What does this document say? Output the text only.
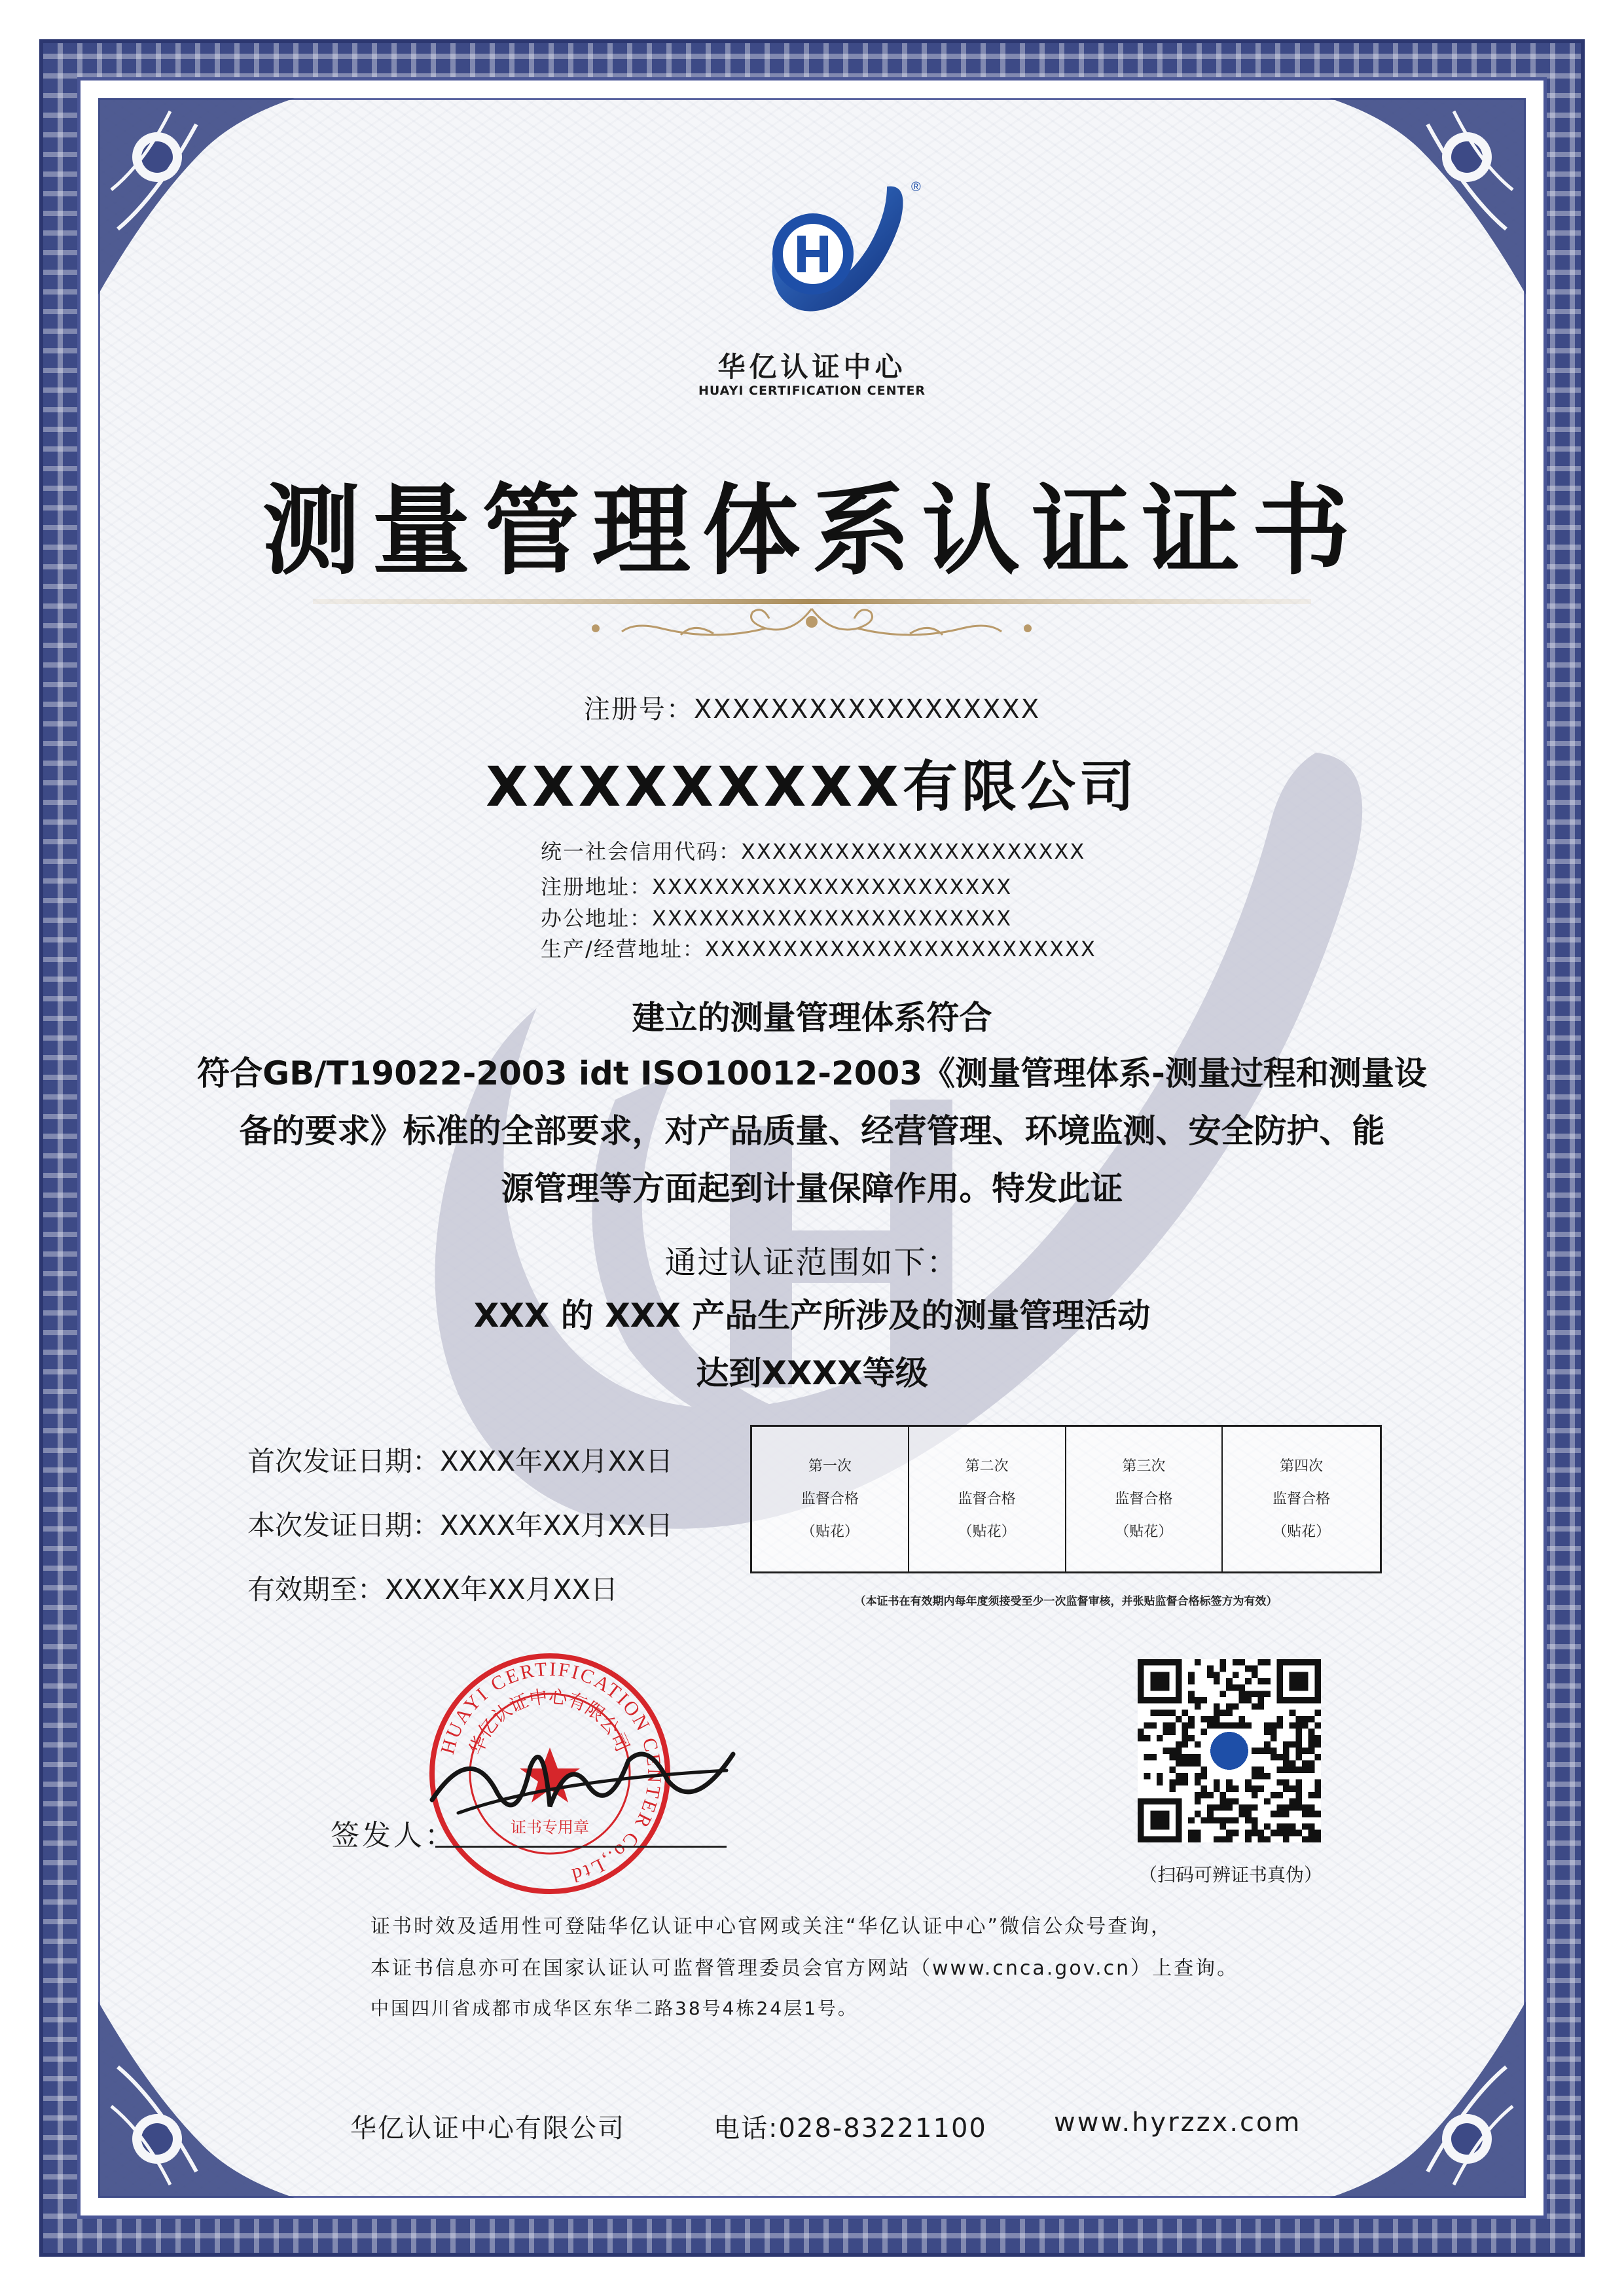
®
华亿认证中心
HUAYI CERTIFICATION CENTER
测量管理体系认证证书
注册号：XXXXXXXXXXXXXXXXXX
XXXXXXXXX有限公司
统一社会信用代码：XXXXXXXXXXXXXXXXXXXXXX
注册地址：XXXXXXXXXXXXXXXXXXXXXXX
办公地址：XXXXXXXXXXXXXXXXXXXXXXX
生产/经营地址：XXXXXXXXXXXXXXXXXXXXXXXXX
建立的测量管理体系符合
符合GB/T19022-2003 idt ISO10012-2003《测量管理体系-测量过程和测量设
备的要求》标准的全部要求，对产品质量、经营管理、环境监测、安全防护、能
源管理等方面起到计量保障作用。特发此证
通过认证范围如下：
XXX 的 XXX 产品生产所涉及的测量管理活动
达到XXXX等级
首次发证日期：XXXX年XX月XX日
本次发证日期：XXXX年XX月XX日
有效期至：XXXX年XX月XX日
第一次
监督合格
（贴花）
第二次
监督合格
（贴花）
第三次
监督合格
（贴花）
第四次
监督合格
（贴花）
（本证书在有效期内每年度须接受至少一次监督审核，并张贴监督合格标签方为有效）
HUAYI CERTIFICATION CENTER Co.,Ltd
华亿认证中心有限公司
证书专用章
签发人：
（扫码可辨证书真伪）
证书时效及适用性可登陆华亿认证中心官网或关注“华亿认证中心”微信公众号查询，
本证书信息亦可在国家认证认可监督管理委员会官方网站（www.cnca.gov.cn）上查询。
中国四川省成都市成华区东华二路38号4栋24层1号。
华亿认证中心有限公司	电话:028-83221100	www.hyrzzx.com
